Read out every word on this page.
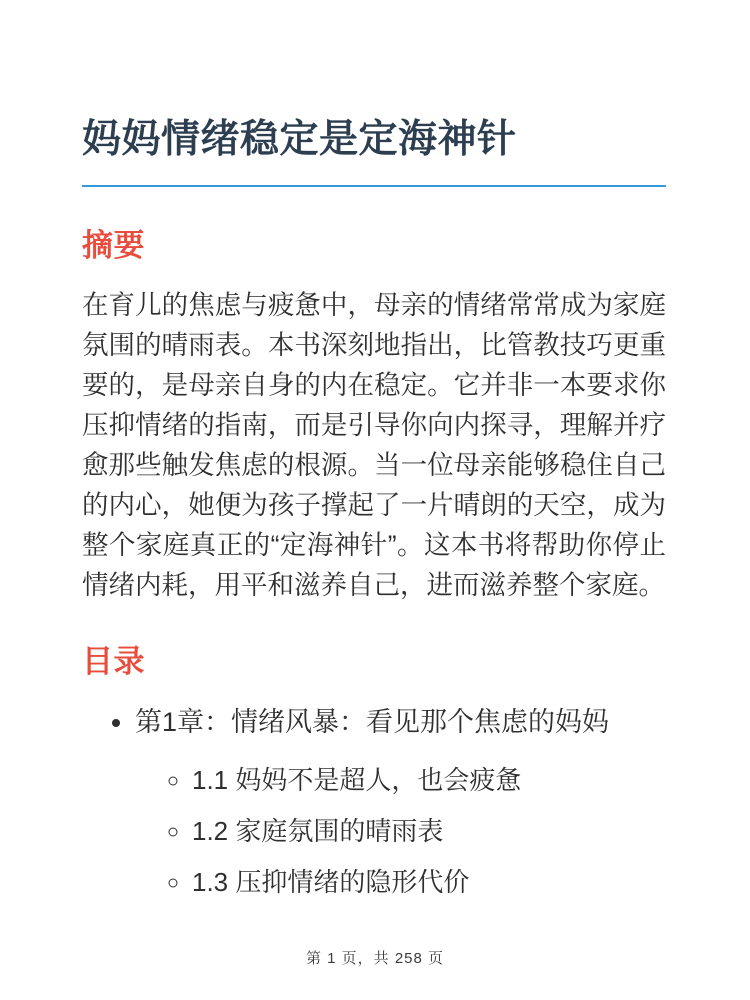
妈妈情绪稳定是定海神针
摘要

在育儿的焦虑与疲惫中，母亲的情绪常常成为家庭氛围的晴雨表。本书深刻地指出，比管教技巧更重要的，是母亲自身的内在稳定。它并非一本要求你压抑情绪的指南，而是引导你向内探寻，理解并疗愈那些触发焦虑的根源。当一位母亲能够稳住自己的内心，她便为孩子撑起了一片晴朗的天空，成为整个家庭真正的“定海神针”。这本书将帮助你停止情绪内耗，用平和滋养自己，进而滋养整个家庭。

目录
• 第1章：情绪风暴：看见那个焦虑的妈妈
◦ 1.1 妈妈不是超人，也会疲惫
◦ 1.2 家庭氛围的晴雨表
◦ 1.3 压抑情绪的隐形代价
第 1 页，共 258 页
